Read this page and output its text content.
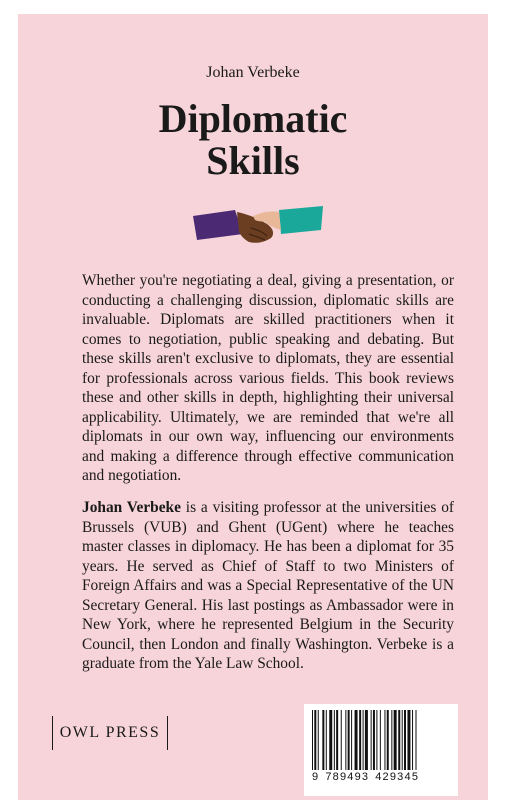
Johan Verbeke
Diplomatic
Skills
Whether you're negotiating a deal, giving a presentation, or conducting a challenging discussion, diplomatic skills are invaluable. Diplomats are skilled practitioners when it comes to negotiation, public speaking and debating. But these skills aren't exclusive to diplomats, they are essential for professionals across various fields. This book reviews these and other skills in depth, highlighting their universal applicability. Ultimately, we are reminded that we're all diplomats in our own way, influencing our environments and making a difference through effective communication and negotiation.
Johan Verbeke is a visiting professor at the universities of Brussels (VUB) and Ghent (UGent) where he teaches master classes in diplomacy. He has been a diplomat for 35 years. He served as Chief of Staff to two Ministers of Foreign Affairs and was a Special Representative of the UN Secretary General. His last postings as Ambassador were in New York, where he represented Belgium in the Security Council, then London and finally Washington. Verbeke is a graduate from the Yale Law School.
OWL PRESS
9 789493 429345
